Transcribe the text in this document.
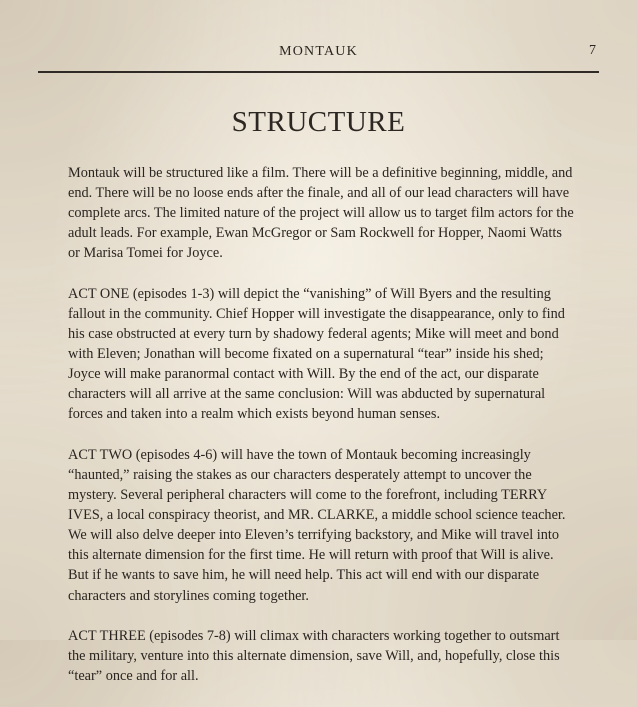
MONTAUK	7
STRUCTURE

Montauk will be structured like a film. There will be a definitive beginning, middle, and end. There will be no loose ends after the finale, and all of our lead characters will have complete arcs. The limited nature of the project will allow us to target film actors for the adult leads. For example, Ewan McGregor or Sam Rockwell for Hopper, Naomi Watts or Marisa Tomei for Joyce.

ACT ONE (episodes 1-3) will depict the “vanishing” of Will Byers and the resulting fallout in the community. Chief Hopper will investigate the disappearance, only to find his case obstructed at every turn by shadowy federal agents; Mike will meet and bond with Eleven; Jonathan will become fixated on a supernatural “tear” inside his shed; Joyce will make paranormal contact with Will. By the end of the act, our disparate characters will all arrive at the same conclusion: Will was abducted by supernatural forces and taken into a realm which exists beyond human senses.

ACT TWO (episodes 4-6) will have the town of Montauk becoming increasingly “haunted,” raising the stakes as our characters desperately attempt to uncover the mystery. Several peripheral characters will come to the forefront, including TERRY IVES, a local conspiracy theorist, and MR. CLARKE, a middle school science teacher. We will also delve deeper into Eleven’s terrifying backstory, and Mike will travel into this alternate dimension for the first time. He will return with proof that Will is alive. But if he wants to save him, he will need help. This act will end with our disparate characters and storylines coming together.

ACT THREE (episodes 7-8) will climax with characters working together to outsmart the military, venture into this alternate dimension, save Will, and, hopefully, close this “tear” once and for all.
